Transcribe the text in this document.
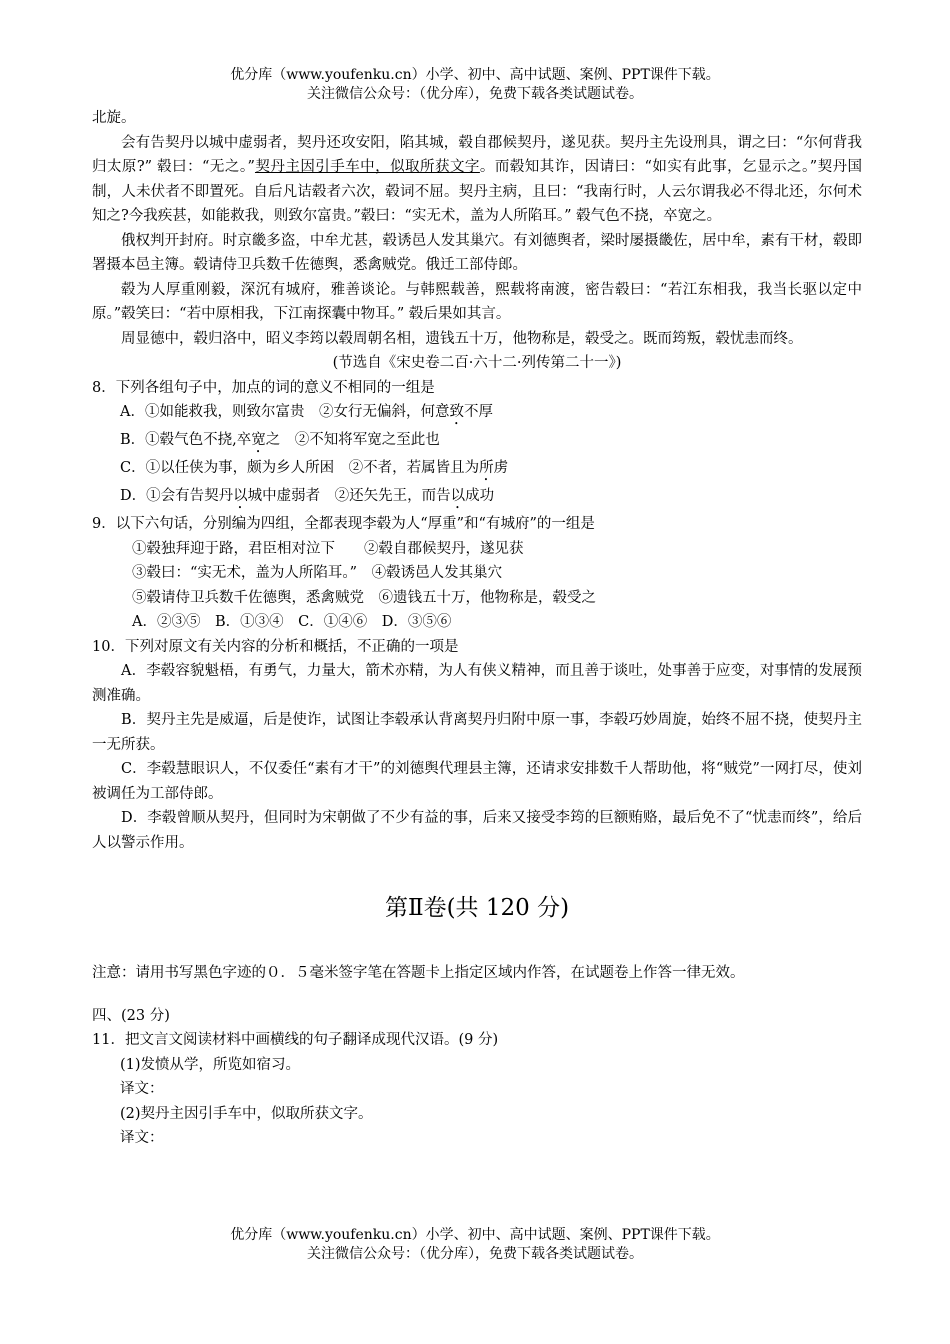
优分库（www.youfenku.cn）小学、初中、高中试题、案例、PPT课件下载。
关注微信公众号：（优分库），免费下载各类试题试卷。

北旋。

会有告契丹以城中虚弱者，契丹还攻安阳，陷其城，毂自郡候契丹，遂见获。契丹主先设刑具，谓之曰：“尔何背我归太原?” 毂曰：“无之。”契丹主因引手车中，似取所获文字。而毂知其诈，因请曰：“如实有此事，乞显示之。”契丹国制，人未伏者不即置死。自后凡诘毂者六次，毂词不屈。契丹主病，且曰：“我南行时，人云尔谓我必不得北还，尔何术知之?今我疾甚，如能救我，则致尔富贵。”毂曰：“实无术，盖为人所陷耳。” 毂气色不挠，卒宽之。

俄权判开封府。时京畿多盗，中牟尤甚，毂诱邑人发其巢穴。有刘德舆者，梁时屡摄畿佐，居中牟，素有干材，毂即署摄本邑主簿。毂请侍卫兵数千佐德舆，悉禽贼党。俄迁工部侍郎。

毂为人厚重刚毅，深沉有城府，雅善谈论。与韩熙载善，熙载将南渡，密告毂曰：“若江东相我，我当长驱以定中原。”毂笑曰：“若中原相我，下江南探囊中物耳。” 毂后果如其言。

周显德中，毂归洛中，昭义李筠以毂周朝名相，遗钱五十万，他物称是，毂受之。既而筠叛，毂忧恚而终。

(节选自《宋史卷二百·六十二·列传第二十一》)

8．下列各组句子中，加点的词的意义不相同的一组是

A．①如能救我，则致尔富贵　②女行无偏斜，何意致不厚

B．①毂气色不挠,卒宽之　②不知将军宽之至此也

C．①以任侠为事，颇为乡人所困　②不者，若属皆且为所虏

D．①会有告契丹以城中虚弱者　②还矢先王，而告以成功

9．以下六句话，分别编为四组，全都表现李毂为人“厚重”和“有城府”的一组是

①毂独拜迎于路，君臣相对泣下　　②毂自郡候契丹，遂见获

③毂曰：“实无术，盖为人所陷耳。”　④毂诱邑人发其巢穴

⑤毂请侍卫兵数千佐德舆，悉禽贼党　⑥遗钱五十万，他物称是，毂受之

A．②③⑤　B．①③④　C．①④⑥　D．③⑤⑥

10．下列对原文有关内容的分析和概括，不正确的一项是

A．李毂容貌魁梧，有勇气，力量大，箭术亦精，为人有侠义精神，而且善于谈吐，处事善于应变，对事情的发展预测准确。

B．契丹主先是威逼，后是使诈，试图让李毂承认背离契丹归附中原一事，李毂巧妙周旋，始终不屈不挠，使契丹主一无所获。

C．李毂慧眼识人，不仅委任“素有才干”的刘德舆代理县主簿，还请求安排数千人帮助他，将“贼党”一网打尽，使刘被调任为工部侍郎。

D．李毂曾顺从契丹，但同时为宋朝做了不少有益的事，后来又接受李筠的巨额贿赂，最后免不了“忧恚而终”，给后人以警示作用。

第Ⅱ卷(共 120 分)

注意：请用书写黑色字迹的０．５毫米签字笔在答题卡上指定区域内作答，在试题卷上作答一律无效。

四、(23 分)

11．把文言文阅读材料中画横线的句子翻译成现代汉语。(9 分)

(1)发愤从学，所览如宿习。

译文：

(2)契丹主因引手车中，似取所获文字。

译文：

优分库（www.youfenku.cn）小学、初中、高中试题、案例、PPT课件下载。
关注微信公众号：（优分库），免费下载各类试题试卷。
